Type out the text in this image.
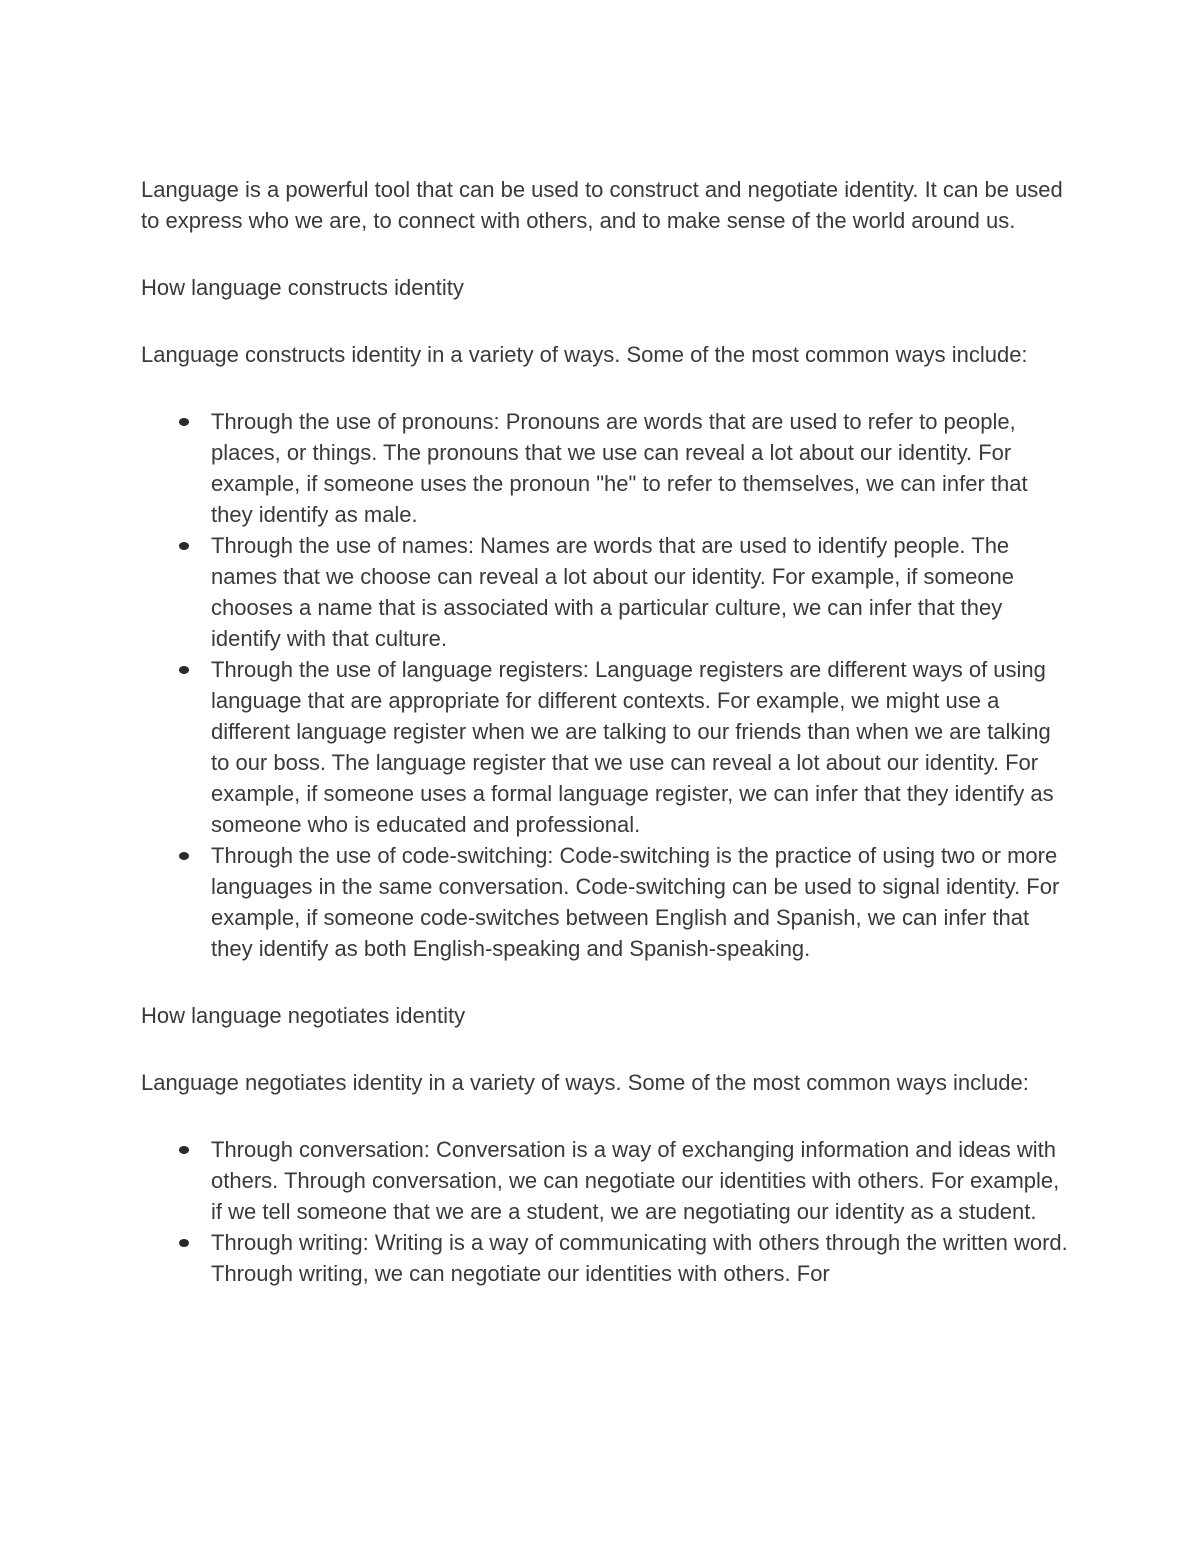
Language is a powerful tool that can be used to construct and negotiate identity. It can be used to express who we are, to connect with others, and to make sense of the world around us.

How language constructs identity

Language constructs identity in a variety of ways. Some of the most common ways include:

Through the use of pronouns: Pronouns are words that are used to refer to people, places, or things. The pronouns that we use can reveal a lot about our identity. For example, if someone uses the pronoun "he" to refer to themselves, we can infer that they identify as male.
Through the use of names: Names are words that are used to identify people. The names that we choose can reveal a lot about our identity. For example, if someone chooses a name that is associated with a particular culture, we can infer that they identify with that culture.
Through the use of language registers: Language registers are different ways of using language that are appropriate for different contexts. For example, we might use a different language register when we are talking to our friends than when we are talking to our boss. The language register that we use can reveal a lot about our identity. For example, if someone uses a formal language register, we can infer that they identify as someone who is educated and professional.
Through the use of code-switching: Code-switching is the practice of using two or more languages in the same conversation. Code-switching can be used to signal identity. For example, if someone code-switches between English and Spanish, we can infer that they identify as both English-speaking and Spanish-speaking.

How language negotiates identity

Language negotiates identity in a variety of ways. Some of the most common ways include:

Through conversation: Conversation is a way of exchanging information and ideas with others. Through conversation, we can negotiate our identities with others. For example, if we tell someone that we are a student, we are negotiating our identity as a student.
Through writing: Writing is a way of communicating with others through the written word. Through writing, we can negotiate our identities with others. For
